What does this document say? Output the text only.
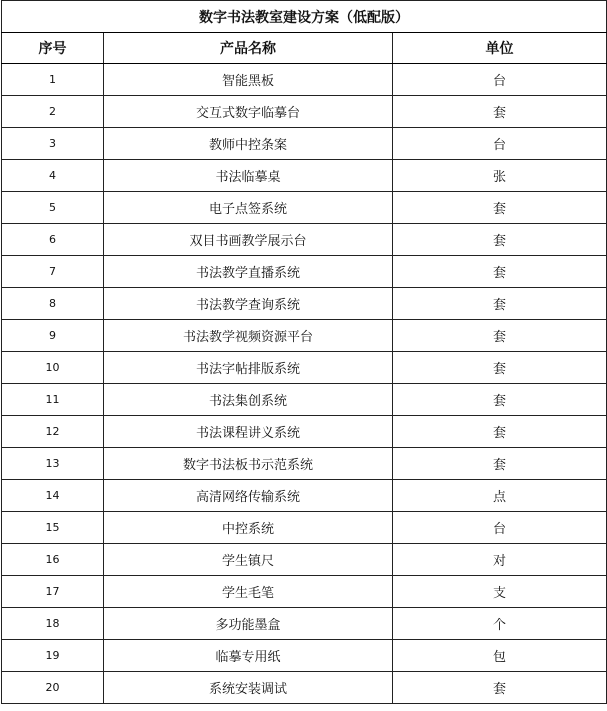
数字书法教室建设方案（低配版）		
序号	产品名称	单位
1	智能黑板	台
2	交互式数字临摹台	套
3	教师中控条案	台
4	书法临摹桌	张
5	电子点签系统	套
6	双目书画教学展示台	套
7	书法教学直播系统	套
8	书法教学查询系统	套
9	书法教学视频资源平台	套
10	书法字帖排版系统	套
11	书法集创系统	套
12	书法课程讲义系统	套
13	数字书法板书示范系统	套
14	高清网络传输系统	点
15	中控系统	台
16	学生镇尺	对
17	学生毛笔	支
18	多功能墨盒	个
19	临摹专用纸	包
20	系统安装调试	套
